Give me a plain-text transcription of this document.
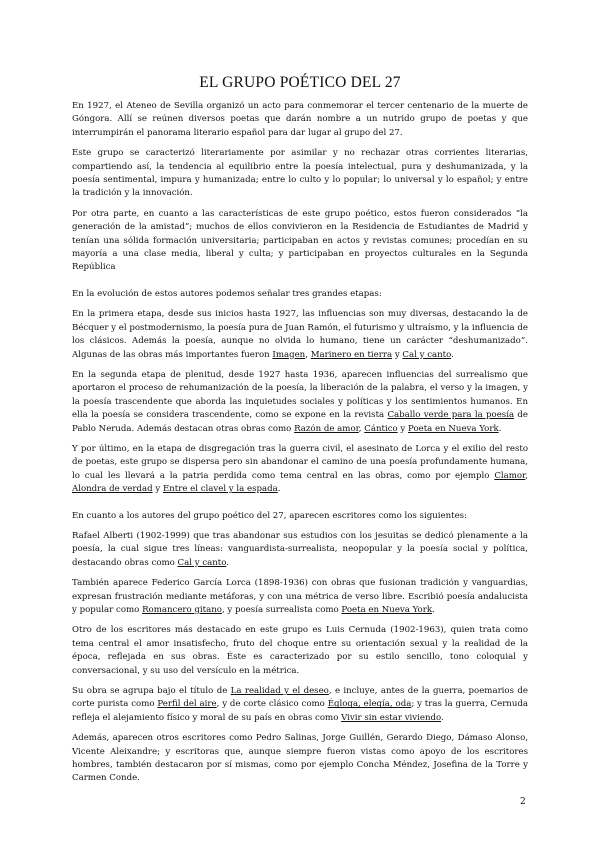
EL GRUPO POÉTICO DEL 27

En 1927, el Ateneo de Sevilla organizó un acto para conmemorar el tercer centenario de la muerte de Góngora. Allí se reúnen diversos poetas que darán nombre a un nutrido grupo de poetas y que interrumpirán el panorama literario español para dar lugar al grupo del 27.

Este grupo se caracterizó literariamente por asimilar y no rechazar otras corrientes literarias, compartiendo así, la tendencia al equilibrio entre la poesía intelectual, pura y deshumanizada, y la poesía sentimental, impura y humanizada; entre lo culto y lo popular; lo universal y lo español; y entre la tradición y la innovación.

Por otra parte, en cuanto a las características de este grupo poético, estos fueron considerados “la generación de la amistad”; muchos de ellos convivieron en la Residencia de Estudiantes de Madrid y tenían una sólida formación universitaria; participaban en actos y revistas comunes; procedían en su mayoría a una clase media, liberal y culta; y participaban en proyectos culturales en la Segunda República

En la evolución de estos autores podemos señalar tres grandes etapas:

En la primera etapa, desde sus inicios hasta 1927, las influencias son muy diversas, destacando la de Bécquer y el postmodernismo, la poesía pura de Juan Ramón, el futurismo y ultraísmo, y la influencia de los clásicos. Además la poesía, aunque no olvida lo humano, tiene un carácter “deshumanizado”. Algunas de las obras más importantes fueron Imagen, Marinero en tierra y Cal y canto.

En la segunda etapa de plenitud, desde 1927 hasta 1936, aparecen influencias del surrealismo que aportaron el proceso de rehumanización de la poesía, la liberación de la palabra, el verso y la imagen, y la poesía trascendente que aborda las inquietudes sociales y políticas y los sentimientos humanos. En ella la poesía se considera trascendente, como se expone en la revista Caballo verde para la poesía de Pablo Neruda. Además destacan otras obras como Razón de amor, Cántico y Poeta en Nueva York.

Y por último, en la etapa de disgregación tras la guerra civil, el asesinato de Lorca y el exilio del resto de poetas, este grupo se dispersa pero sin abandonar el camino de una poesía profundamente humana, lo cual les llevará a la patria perdida como tema central en las obras, como por ejemplo Clamor, Alondra de verdad y Entre el clavel y la espada.

En cuanto a los autores del grupo poético del 27, aparecen escritores como los siguientes:

Rafael Alberti (1902-1999) que tras abandonar sus estudios con los jesuitas se dedicó plenamente a la poesía, la cual sigue tres líneas: vanguardista-surrealista, neopopular y la poesía social y política, destacando obras como Cal y canto.

También aparece Federico García Lorca (1898-1936) con obras que fusionan tradición y vanguardias, expresan frustración mediante metáforas, y con una métrica de verso libre. Escribió poesía andalucista y popular como Romancero gitano, y poesía surrealista como Poeta en Nueva York.

Otro de los escritores más destacado en este grupo es Luis Cernuda (1902-1963), quien trata como tema central el amor insatisfecho, fruto del choque entre su orientación sexual y la realidad de la época, reflejada en sus obras. Éste es caracterizado por su estilo sencillo, tono coloquial y conversacional, y su uso del versículo en la métrica.

Su obra se agrupa bajo el título de La realidad y el deseo, e incluye, antes de la guerra, poemarios de corte purista como Perfil del aire, y de corte clásico como Égloga, elegía, oda; y tras la guerra, Cernuda refleja el alejamiento físico y moral de su país en obras como Vivir sin estar viviendo.

Además, aparecen otros escritores como Pedro Salinas, Jorge Guillén, Gerardo Diego, Dámaso Alonso, Vicente Aleixandre; y escritoras que, aunque siempre fueron vistas como apoyo de los escritores hombres, también destacaron por sí mismas, como por ejemplo Concha Méndez, Josefina de la Torre y Carmen Conde.

2
